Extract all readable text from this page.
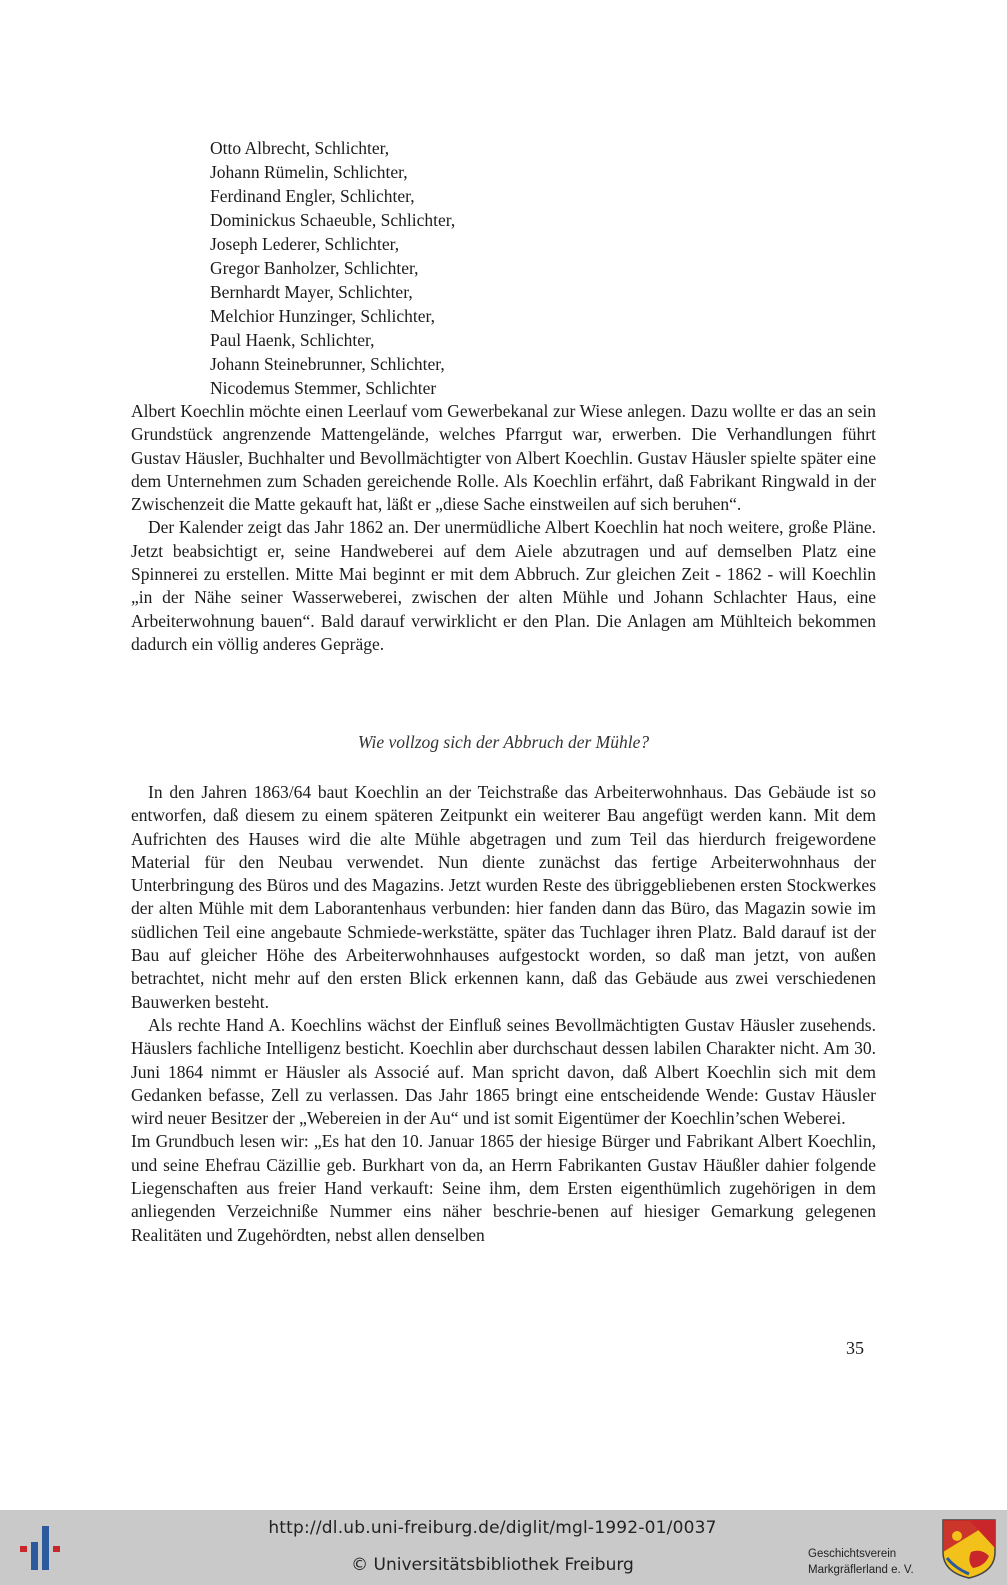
Otto Albrecht, Schlichter,
Johann Rümelin, Schlichter,
Ferdinand Engler, Schlichter,
Dominickus Schaeuble, Schlichter,
Joseph Lederer, Schlichter,
Gregor Banholzer, Schlichter,
Bernhardt Mayer, Schlichter,
Melchior Hunzinger, Schlichter,
Paul Haenk, Schlichter,
Johann Steinebrunner, Schlichter,
Nicodemus Stemmer, Schlichter

Albert Koechlin möchte einen Leerlauf vom Gewerbekanal zur Wiese anlegen. Dazu wollte er das an sein Grundstück angrenzende Mattengelände, welches Pfarrgut war, erwerben. Die Verhandlungen führt Gustav Häusler, Buchhalter und Bevollmächtigter von Albert Koechlin. Gustav Häusler spielte später eine dem Unternehmen zum Schaden gereichende Rolle. Als Koechlin erfährt, daß Fabrikant Ringwald in der Zwischenzeit die Matte gekauft hat, läßt er „diese Sache einstweilen auf sich beruhen“.

Der Kalender zeigt das Jahr 1862 an. Der unermüdliche Albert Koechlin hat noch weitere, große Pläne. Jetzt beabsichtigt er, seine Handweberei auf dem Aiele abzutragen und auf demselben Platz eine Spinnerei zu erstellen. Mitte Mai beginnt er mit dem Abbruch. Zur gleichen Zeit - 1862 - will Koechlin „in der Nähe seiner Wasserweberei, zwischen der alten Mühle und Johann Schlachter Haus, eine Arbeiterwohnung bauen“. Bald darauf verwirklicht er den Plan. Die Anlagen am Mühlteich bekommen dadurch ein völlig anderes Gepräge.

Wie vollzog sich der Abbruch der Mühle?

In den Jahren 1863/64 baut Koechlin an der Teichstraße das Arbeiterwohnhaus. Das Gebäude ist so entworfen, daß diesem zu einem späteren Zeitpunkt ein weiterer Bau angefügt werden kann. Mit dem Aufrichten des Hauses wird die alte Mühle abgetragen und zum Teil das hierdurch freigewordene Material für den Neubau verwendet. Nun diente zunächst das fertige Arbeiterwohnhaus der Unterbringung des Büros und des Magazins. Jetzt wurden Reste des übriggebliebenen ersten Stockwerkes der alten Mühle mit dem Laborantenhaus verbunden: hier fanden dann das Büro, das Magazin sowie im südlichen Teil eine angebaute Schmiede-werkstätte, später das Tuchlager ihren Platz. Bald darauf ist der Bau auf gleicher Höhe des Arbeiterwohnhauses aufgestockt worden, so daß man jetzt, von außen betrachtet, nicht mehr auf den ersten Blick erkennen kann, daß das Gebäude aus zwei verschiedenen Bauwerken besteht.

Als rechte Hand A. Koechlins wächst der Einfluß seines Bevollmächtigten Gustav Häusler zusehends. Häuslers fachliche Intelligenz besticht. Koechlin aber durchschaut dessen labilen Charakter nicht. Am 30. Juni 1864 nimmt er Häusler als Associé auf. Man spricht davon, daß Albert Koechlin sich mit dem Gedanken befasse, Zell zu verlassen. Das Jahr 1865 bringt eine entscheidende Wende: Gustav Häusler wird neuer Besitzer der „Webereien in der Au“ und ist somit Eigentümer der Koechlin’schen Weberei.

Im Grundbuch lesen wir: „Es hat den 10. Januar 1865 der hiesige Bürger und Fabrikant Albert Koechlin, und seine Ehefrau Cäzillie geb. Burkhart von da, an Herrn Fabrikanten Gustav Häußler dahier folgende Liegenschaften aus freier Hand verkauft: Seine ihm, dem Ersten eigenthümlich zugehörigen in dem anliegenden Verzeichniße Nummer eins näher beschrie-benen auf hiesiger Gemarkung gelegenen Realitäten und Zugehördten, nebst allen denselben

35
http://dl.ub.uni-freiburg.de/diglit/mgl-1992-01/0037
© Universitätsbibliothek Freiburg
Geschichtsverein
Markgräflerland e. V.
